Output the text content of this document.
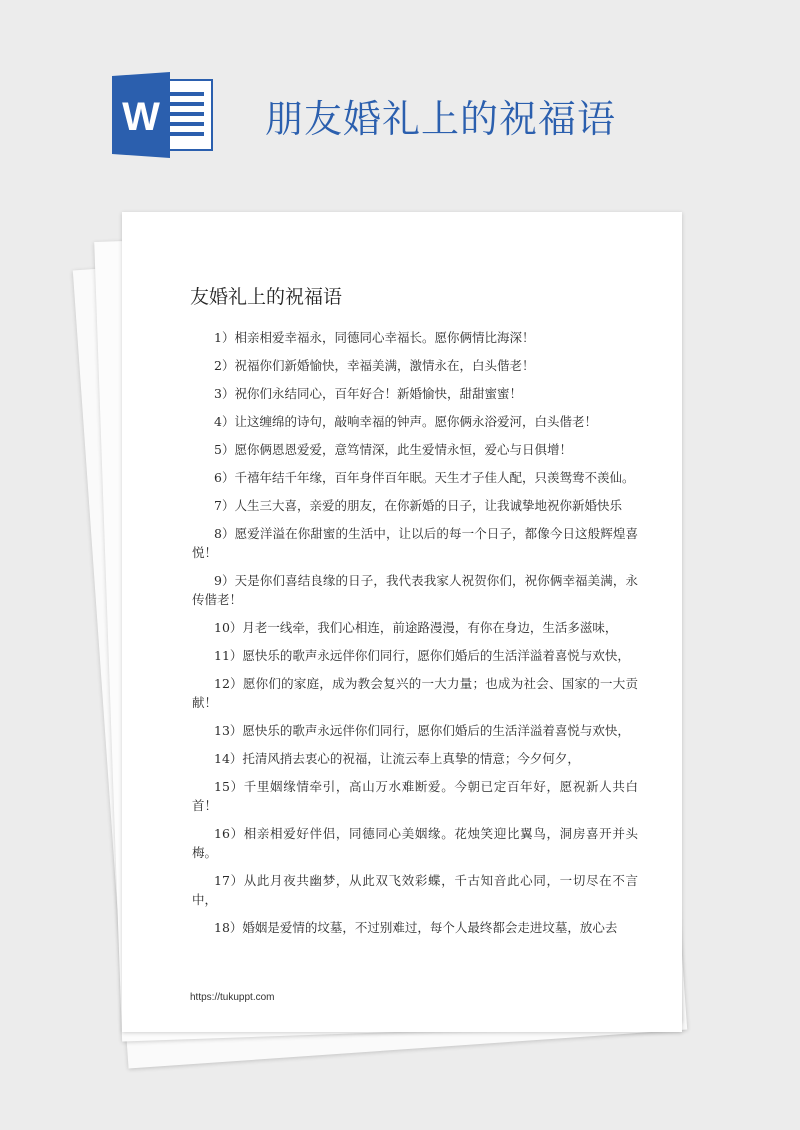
W	朋友婚礼上的祝福语
友婚礼上的祝福语
1）相亲相爱幸福永，同德同心幸福长。愿你俩情比海深！
2）祝福你们新婚愉快，幸福美满，激情永在，白头偕老！
3）祝你们永结同心，百年好合！新婚愉快，甜甜蜜蜜！
4）让这缠绵的诗句，敲响幸福的钟声。愿你俩永浴爱河，白头偕老！
5）愿你俩恩恩爱爱，意笃情深，此生爱情永恒，爱心与日俱增！
6）千禧年结千年缘，百年身伴百年眠。天生才子佳人配，只羡鸳鸯不羡仙。
7）人生三大喜，亲爱的朋友，在你新婚的日子，让我诚挚地祝你新婚快乐
8）愿爱洋溢在你甜蜜的生活中，让以后的每一个日子，都像今日这般辉煌喜悦！
9）天是你们喜结良缘的日子，我代表我家人祝贺你们，祝你俩幸福美满，永传偕老！
10）月老一线牵，我们心相连，前途路漫漫，有你在身边，生活多滋味，
11）愿快乐的歌声永远伴你们同行，愿你们婚后的生活洋溢着喜悦与欢快，
12）愿你们的家庭，成为教会复兴的一大力量；也成为社会、国家的一大贡献！
13）愿快乐的歌声永远伴你们同行，愿你们婚后的生活洋溢着喜悦与欢快，
14）托清风捎去衷心的祝福，让流云奉上真挚的情意；今夕何夕，
15）千里姻缘情牵引，高山万水难断爱。今朝已定百年好，愿祝新人共白首！
16）相亲相爱好伴侣，同德同心美姻缘。花烛笑迎比翼鸟，洞房喜开并头梅。
17）从此月夜共幽梦，从此双飞效彩蝶，千古知音此心同，一切尽在不言中，
18）婚姻是爱情的坟墓，不过别难过，每个人最终都会走进坟墓，放心去
https://tukuppt.com
